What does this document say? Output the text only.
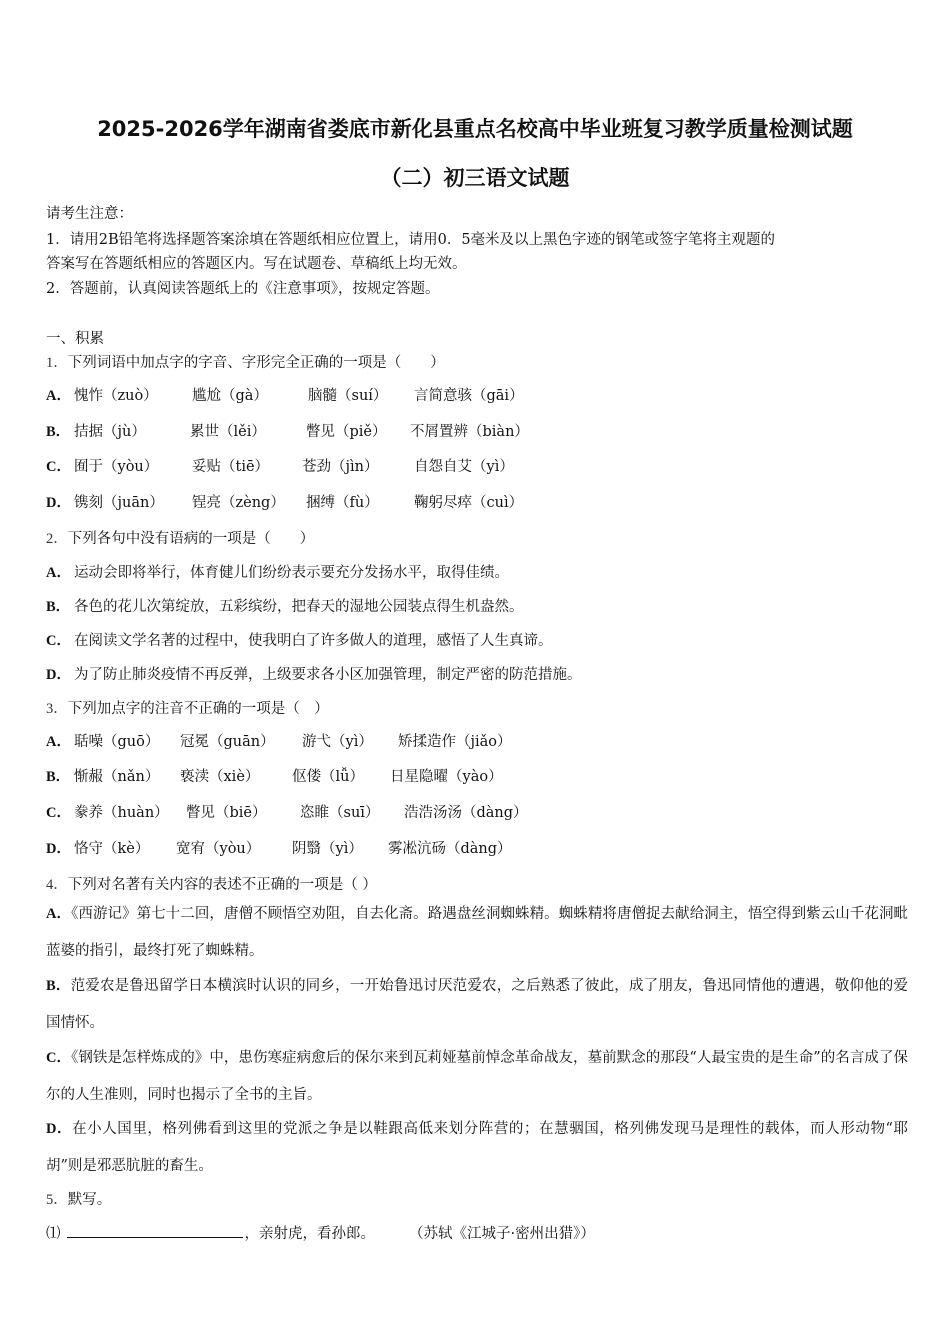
2025-2026学年湖南省娄底市新化县重点名校高中毕业班复习教学质量检测试题
（二）初三语文试题
请考生注意：
1．请用2B铅笔将选择题答案涂填在答题纸相应位置上，请用0．5毫米及以上黑色字迹的钢笔或签字笔将主观题的
答案写在答题纸相应的答题区内。写在试题卷、草稿纸上均无效。
2．答题前，认真阅读答题纸上的《注意事项》，按规定答题。
一、积累
1．下列词语中加点字的字音、字形完全正确的一项是（　　）
A． 愧怍（zuò） 尴尬（gà）	脑髓（suí） 言简意骇（gāi）
B． 拮据（jù）	累世（lěi）	瞥见（piě） 不屑置辨（biàn）
C． 囿于（yòu） 妥贴（tiē） 苍劲（jìn） 自怨自艾（yì）
D． 镌刻（juān） 锃亮（zèng） 捆缚（fù） 鞠躬尽瘁（cuì）
2．下列各句中没有语病的一项是（　　）
A． 运动会即将举行，体育健儿们纷纷表示要充分发扬水平，取得佳绩。
B． 各色的花儿次第绽放，五彩缤纷，把春天的湿地公园装点得生机盎然。
C． 在阅读文学名著的过程中，使我明白了许多做人的道理，感悟了人生真谛。
D． 为了防止肺炎疫情不再反弹，上级要求各小区加强管理，制定严密的防范措施。
3．下列加点字的注音不正确的一项是（　）
A． 聒噪（guō） 冠冕（guān） 游弋（yì） 矫揉造作（jiǎo）
B． 惭赧（nǎn） 亵渎（xiè） 伛偻（lǚ） 日星隐曜（yào）
C． 豢养（huàn） 瞥见（biē） 恣睢（suī） 浩浩汤汤（dàng）
D． 恪守（kè） 宽宥（yòu） 阴翳（yì） 雾凇沆砀（dàng）
4．下列对名著有关内容的表述不正确的一项是（ ）
A．《西游记》第七十二回，唐僧不顾悟空劝阻，自去化斋。路遇盘丝洞蜘蛛精。蜘蛛精将唐僧捉去献给洞主，悟空得到紫云山千花洞毗蓝婆的指引，最终打死了蜘蛛精。
B．范爱农是鲁迅留学日本横滨时认识的同乡，一开始鲁迅讨厌范爱农，之后熟悉了彼此，成了朋友，鲁迅同情他的遭遇，敬仰他的爱国情怀。
C．《钢铁是怎样炼成的》中，患伤寒症病愈后的保尔来到瓦莉娅墓前悼念革命战友，墓前默念的那段“人最宝贵的是生命”的名言成了保尔的人生准则，同时也揭示了全书的主旨。
D．在小人国里，格列佛看到这里的党派之争是以鞋跟高低来划分阵营的；在慧骃国，格列佛发现马是理性的载体，而人形动物“耶胡”则是邪恶肮脏的畜生。
5．默写。
⑴	，亲射虎，看孙郎。 （苏轼《江城子·密州出猎》）
